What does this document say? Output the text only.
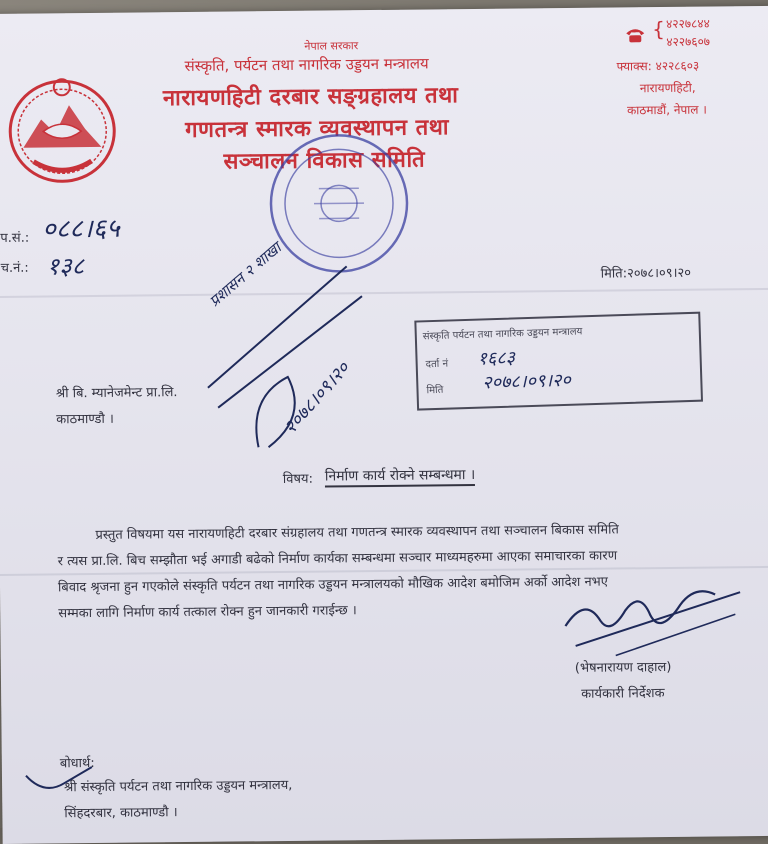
नेपाल सरकार
संस्कृति, पर्यटन तथा नागरिक उड्डयन मन्त्रालय
नारायणहिटी दरबार सङ्ग्रहालय तथा
गणतन्त्र स्मारक व्यवस्थापन तथा
सञ्चालन विकास समिति
{ ४२२७८४४
४२२७६०७
फ्याक्स: ४२२८६०३
नारायणहिटी,
काठमाडौं, नेपाल ।
प.सं.: ०८८।६५
च.नं.: १३८	मिति:२०७८।०९।२०
प्रशासन २ शाखा
२०७८।०९।२०
श्री बि. म्यानेजमेन्ट प्रा.लि.
काठमाण्डौ ।
संस्कृति पर्यटन तथा नागरिक उड्डयन मन्त्रालय
दर्ता नं १६८३
मिति २०७८।०९।२०
विषय: निर्माण कार्य रोक्ने सम्बन्धमा ।
प्रस्तुत विषयमा यस नारायणहिटी दरबार संग्रहालय तथा गणतन्त्र स्मारक व्यवस्थापन तथा सञ्चालन बिकास समिति
र त्यस प्रा.लि. बिच सम्झौता भई अगाडी बढेको निर्माण कार्यका सम्बन्धमा सञ्चार माध्यमहरुमा आएका समाचारका कारण
बिवाद श्रृजना हुन गएकोले संस्कृति पर्यटन तथा नागरिक उड्डयन मन्त्रालयको मौखिक आदेश बमोजिम अर्को आदेश नभए
सम्मका लागि निर्माण कार्य तत्काल रोक्न हुन जानकारी गराईन्छ ।
(भेषनारायण दाहाल)
कार्यकारी निर्देशक
बोधार्थ:
श्री संस्कृति पर्यटन तथा नागरिक उड्डयन मन्त्रालय,
सिंहदरबार, काठमाण्डौ ।
